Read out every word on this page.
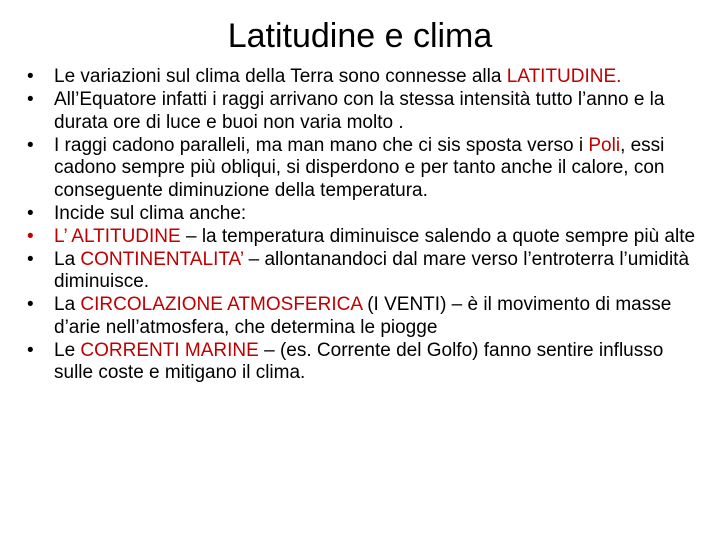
Latitudine e clima
• Le variazioni sul clima della Terra sono connesse alla LATITUDINE.
• All’Equatore infatti i raggi arrivano con la stessa intensità tutto l’anno e la durata ore di luce e buoi non varia molto .
• I raggi cadono paralleli, ma man mano che ci sis sposta verso i Poli, essi cadono sempre più obliqui, si disperdono e per tanto anche il calore, con conseguente diminuzione della temperatura.
• Incide sul clima anche:
• L’ ALTITUDINE – la temperatura diminuisce salendo a quote sempre più alte
• La CONTINENTALITA’ – allontanandoci dal mare verso l’entroterra l’umidità diminuisce.
• La CIRCOLAZIONE ATMOSFERICA (I VENTI) – è il movimento di masse d’arie nell’atmosfera, che determina le piogge
• Le CORRENTI MARINE – (es. Corrente del Golfo) fanno sentire influsso sulle coste e mitigano il clima.
